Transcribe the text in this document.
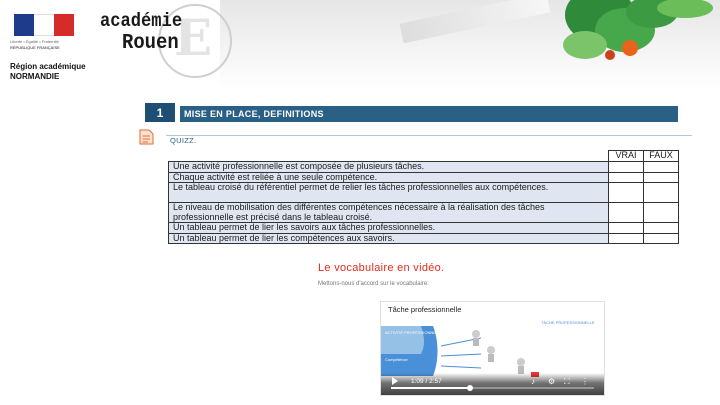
Liberté • Égalité • Fraternité
RÉPUBLIQUE FRANÇAISE
Région académique
NORMANDIE
E
académie
Rouen
1	MISE EN PLACE, DEFINITIONS
QUIZZ.
	VRAI	FAUX
Une activité professionnelle est composée de plusieurs tâches.		
Chaque activité est reliée à une seule compétence.		
Le tableau croisé du référentiel permet de relier les tâches professionnelles aux compétences.		
Le niveau de mobilisation des différentes compétences nécessaire à la réalisation des tâches professionnelle est précisé dans le tableau croisé.		
Un tableau permet de lier les savoirs aux tâches professionnelles.		
Un tableau permet de lier les compétences aux savoirs.		
Le vocabulaire en vidéo.
Mettons-nous d'accord sur le vocabulaire.
Tâche professionnelle
ACTIVITÉ PROFESSIONNELLE
Compétence
TÂCHE PROFESSIONNELLE
1:09 / 2:57	♪ ⚙ ⛶ ⋮
